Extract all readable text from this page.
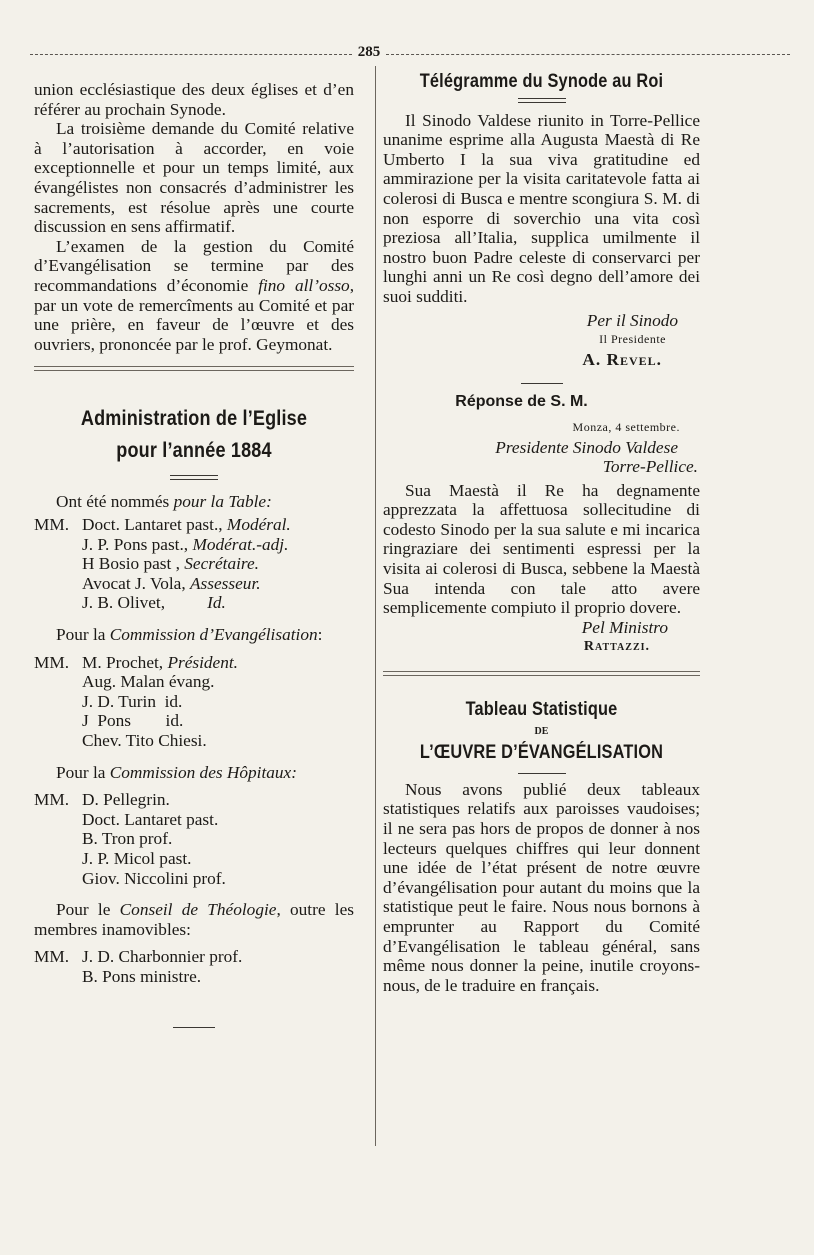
285

union ecclésiastique des deux églises et d’en référer au prochain Synode.

La troisième demande du Comité relative à l’autorisation à accorder, en voie exceptionnelle et pour un temps limité, aux évangélistes non consacrés d’administrer les sacrements, est résolue après une courte discussion en sens affirmatif.

L’examen de la gestion du Comité d’Evangélisation se termine par des recommandations d’économie fino all’osso, par un vote de remercîments au Comité et par une prière, en faveur de l’œuvre et des ouvriers, prononcée par le prof. Geymonat.

Administration de l’Eglise
pour l’année 1884

Ont été nommés pour la Table:

MM. Doct. Lantaret past., Modéral.
J. P. Pons past., Modérat.-adj.
H Bosio past , Secrétaire.
Avocat J. Vola, Assesseur.
J. B. Olivet, Id.

Pour la Commission d’Evangélisation:

MM. M. Prochet, Président.
Aug. Malan évang.
J. D. Turin  id.
J  Pons        id.
Chev. Tito Chiesi.

Pour la Commission des Hôpitaux:

MM. D. Pellegrin.
Doct. Lantaret past.
B. Tron prof.
J. P. Micol past.
Giov. Niccolini prof.

Pour le Conseil de Théologie, outre les membres inamovibles:

MM. J. D. Charbonnier prof.
B. Pons ministre.
Télégramme du Synode au Roi

Il Sinodo Valdese riunito in Torre-Pellice unanime esprime alla Augusta Maestà di Re Umberto I la sua viva gratitudine ed ammirazione per la visita caritatevole fatta ai colerosi di Busca e mentre scongiura S. M. di non esporre di soverchio una vita così preziosa all’Italia, supplica umilmente il nostro buon Padre celeste di conservarci per lunghi anni un Re così degno dell’amore dei suoi sudditi.

Per il Sinodo

Il Presidente

A. Revel.

Réponse de S. M.

Monza, 4 settembre.

Presidente Sinodo Valdese

Torre-Pellice.

Sua Maestà il Re ha degnamente apprezzata la affettuosa sollecitudine di codesto Sinodo per la sua salute e mi incarica ringraziare dei sentimenti espressi per la visita ai colerosi di Busca, sebbene la Maestà Sua intenda con tale atto avere semplicemente compiuto il proprio dovere.

Pel Ministro

Rattazzi.

Tableau Statistique
DE
L’ŒUVRE D’ÉVANGÉLISATION

Nous avons publié deux tableaux statistiques relatifs aux paroisses vaudoises; il ne sera pas hors de propos de donner à nos lecteurs quelques chiffres qui leur donnent une idée de l’état présent de notre œuvre d’évangélisation pour autant du moins que la statistique peut le faire. Nous nous bornons à emprunter au Rapport du Comité d’Evangélisation le tableau général, sans même nous donner la peine, inutile croyons-nous, de le traduire en français.
